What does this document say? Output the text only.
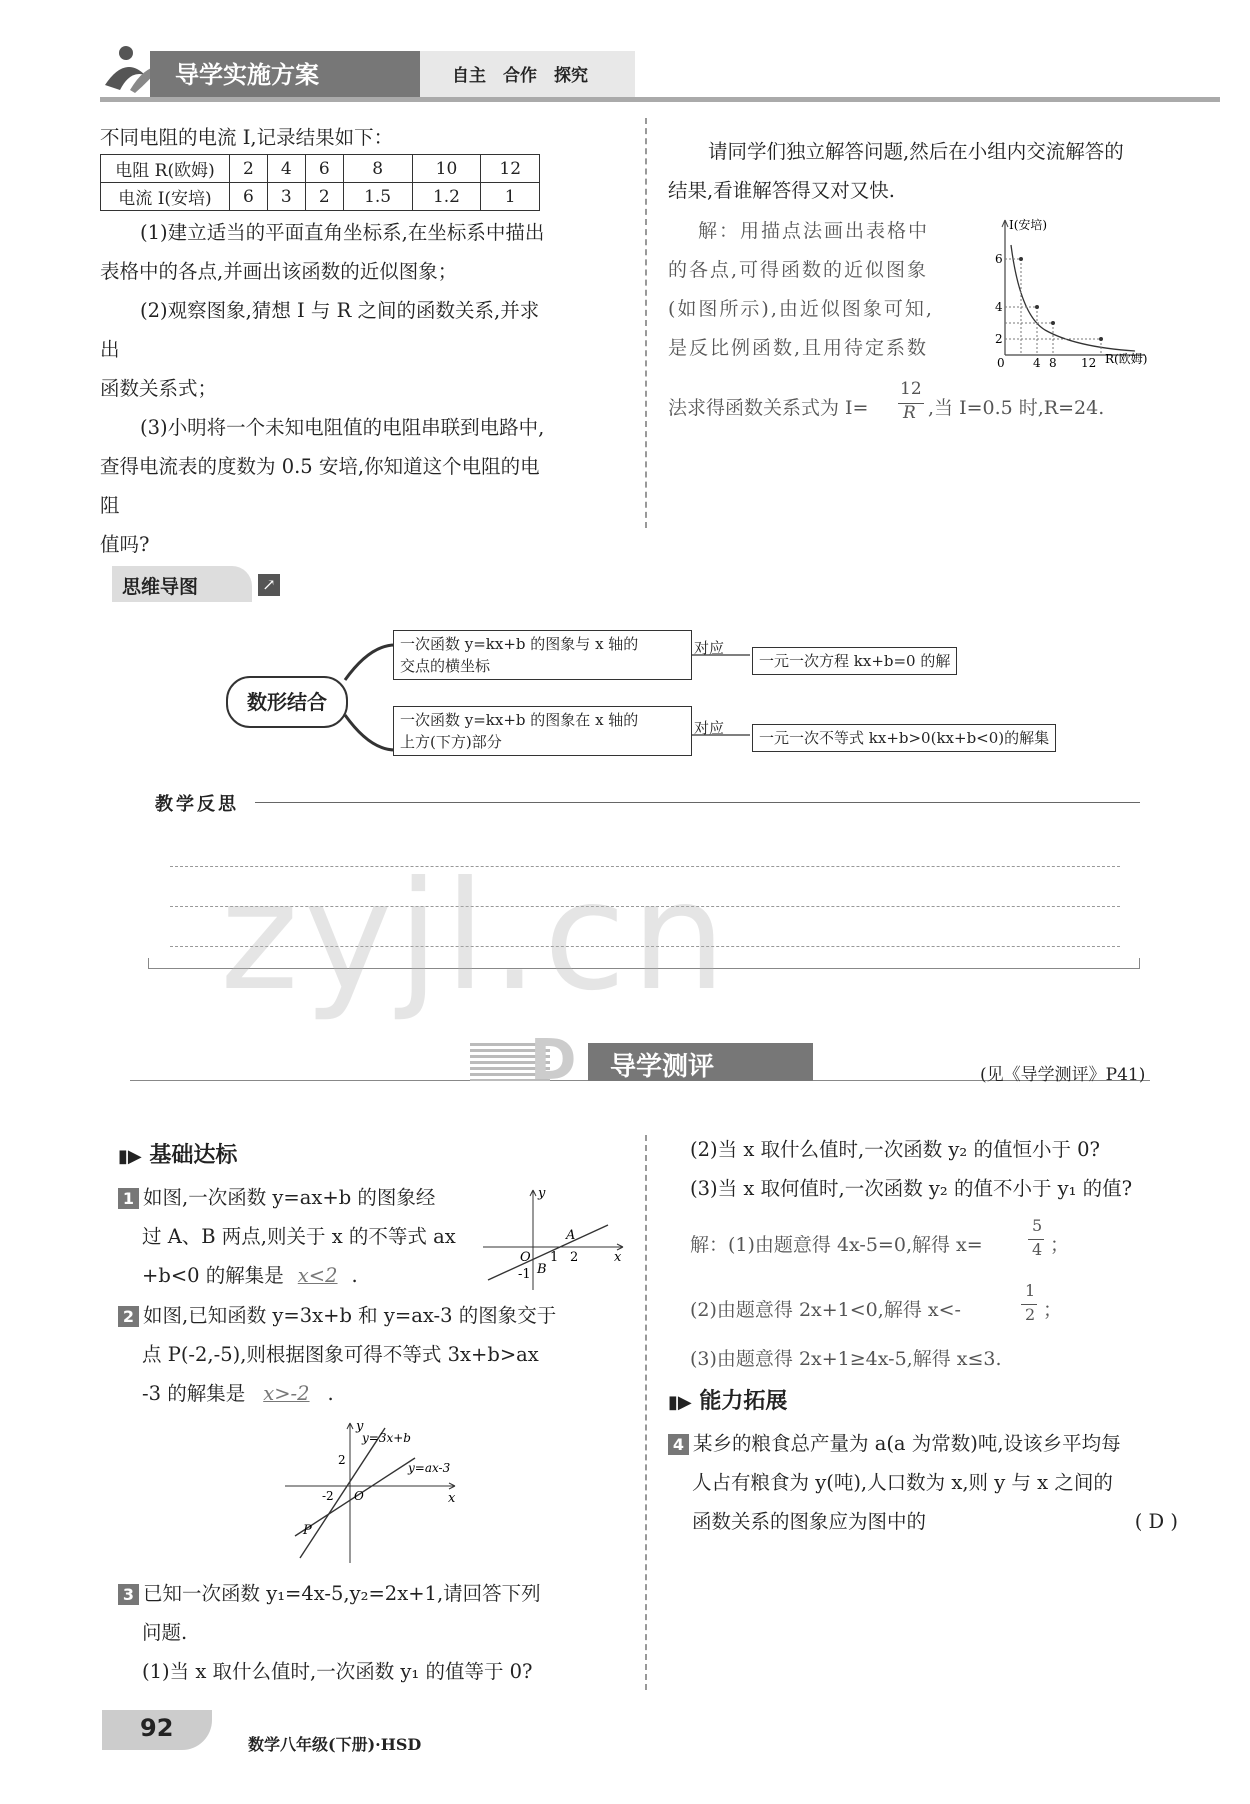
导学实施方案	自主　合作　探究

不同电阻的电流 I,记录结果如下：

电阻 R(欧姆)	2	4	6	8	10	12
电流 I(安培)	6	3	2	1.5	1.2	1

(1)建立适当的平面直角坐标系,在坐标系中描出

表格中的各点,并画出该函数的近似图象；

(2)观察图象,猜想 I 与 R 之间的函数关系,并求出

函数关系式；

(3)小明将一个未知电阻值的电阻串联到电路中,

查得电流表的度数为 0.5 安培,你知道这个电阻的电阻

值吗?

请同学们独立解答问题,然后在小组内交流解答的

结果,看谁解答得又对又快.

解：用描点法画出表格中
的各点,可得函数的近似图象
(如图所示),由近似图象可知,
是反比例函数,且用待定系数
法求得函数关系式为 I=
12
R ,当 I=0.5 时,R=24.
I(安培)
R(欧姆)
2
4
6
0 4 8 12
思维导图	↗
数形结合
一次函数 y=kx+b 的图象与 x 轴的
交点的横坐标
一次函数 y=kx+b 的图象在 x 轴的
上方(下方)部分
对应
对应
一元一次方程 kx+b=0 的解
一元一次不等式 kx+b>0(kx+b<0)的解集
教学反思
zyjl.cn
D 导学测评	(见《导学测评》P41)
▮▶ 基础达标

1 如图,一次函数 y=ax+b 的图象经

过 A、B 两点,则关于 x 的不等式 ax

+b<0 的解集是 x<2 .

y
x
O 1 2
-1
A
B

2 如图,已知函数 y=3x+b 和 y=ax-3 的图象交于

点 P(-2,-5),则根据图象可得不等式 3x+b>ax

-3 的解集是 x>-2 .

y
x
y=3x+b
y=ax-3
P
2
-2 O

3 已知一次函数 y₁=4x-5,y₂=2x+1,请回答下列

问题.

(1)当 x 取什么值时,一次函数 y₁ 的值等于 0?

(2)当 x 取什么值时,一次函数 y₂ 的值恒小于 0?

(3)当 x 取何值时,一次函数 y₂ 的值不小于 y₁ 的值?

解：(1)由题意得 4x-5=0,解得 x=
5
4 ；
(2)由题意得 2x+1<0,解得 x<-
1
2 ；
(3)由题意得 2x+1≥4x-5,解得 x≤3.
▮▶ 能力拓展

4 某乡的粮食总产量为 a(a 为常数)吨,设该乡平均每

人占有粮食为 y(吨),人口数为 x,则 y 与 x 之间的

函数关系的图象应为图中的	( D )

92
数学八年级(下册)·HSD
